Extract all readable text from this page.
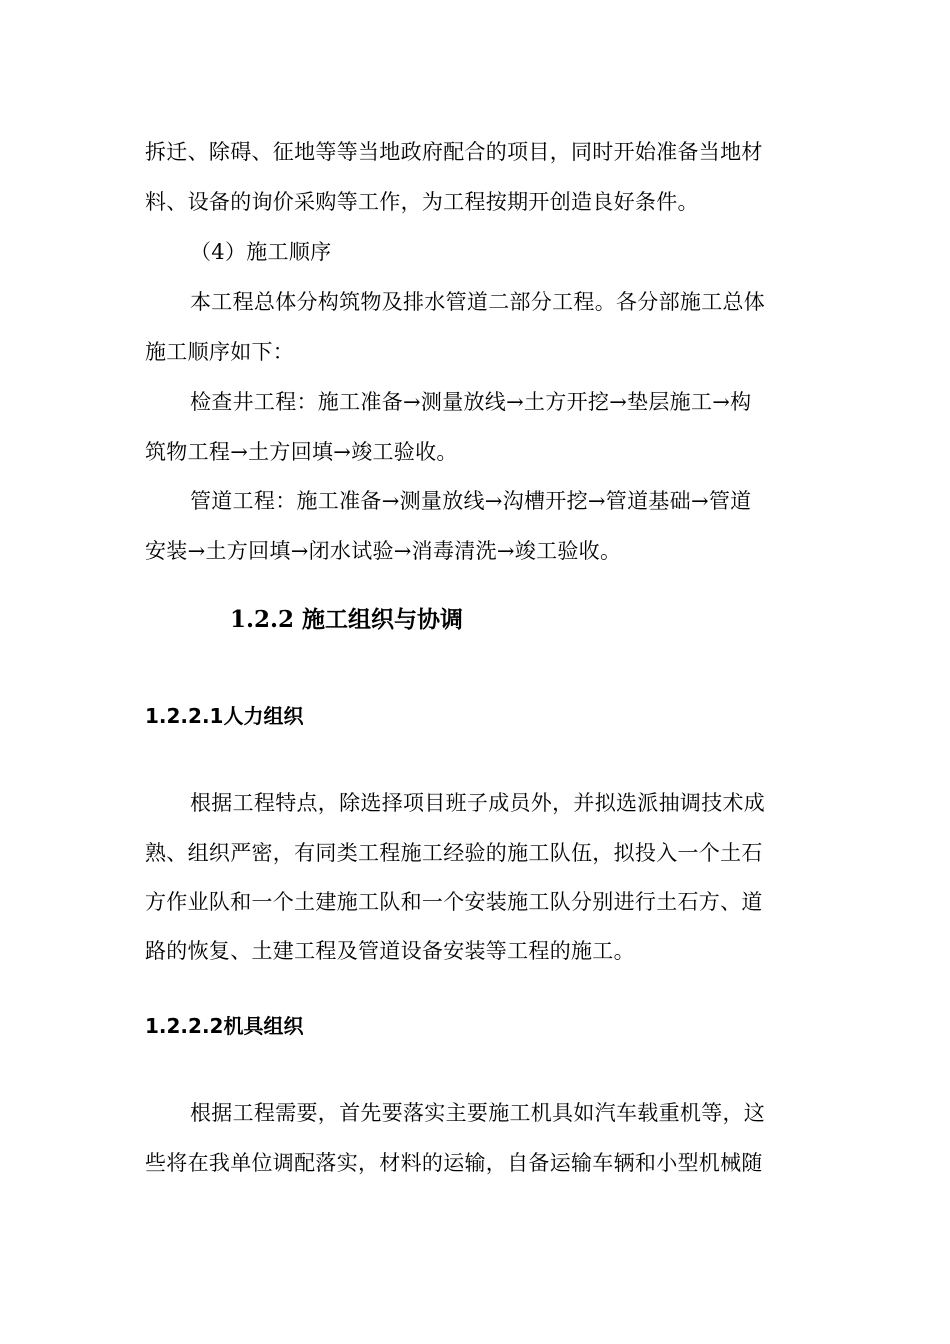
拆迁、除碍、征地等等当地政府配合的项目，同时开始准备当地材
料、设备的询价采购等工作，为工程按期开创造良好条件。
（4）施工顺序
本工程总体分构筑物及排水管道二部分工程。各分部施工总体
施工顺序如下：
检查井工程：施工准备→测量放线→土方开挖→垫层施工→构
筑物工程→土方回填→竣工验收。
管道工程：施工准备→测量放线→沟槽开挖→管道基础→管道
安装→土方回填→闭水试验→消毒清洗→竣工验收。
1.2.2 施工组织与协调
1.2.2.1人力组织
根据工程特点，除选择项目班子成员外，并拟选派抽调技术成
熟、组织严密，有同类工程施工经验的施工队伍，拟投入一个土石
方作业队和一个土建施工队和一个安装施工队分别进行土石方、道
路的恢复、土建工程及管道设备安装等工程的施工。
1.2.2.2机具组织
根据工程需要，首先要落实主要施工机具如汽车载重机等，这
些将在我单位调配落实，材料的运输，自备运输车辆和小型机械随
